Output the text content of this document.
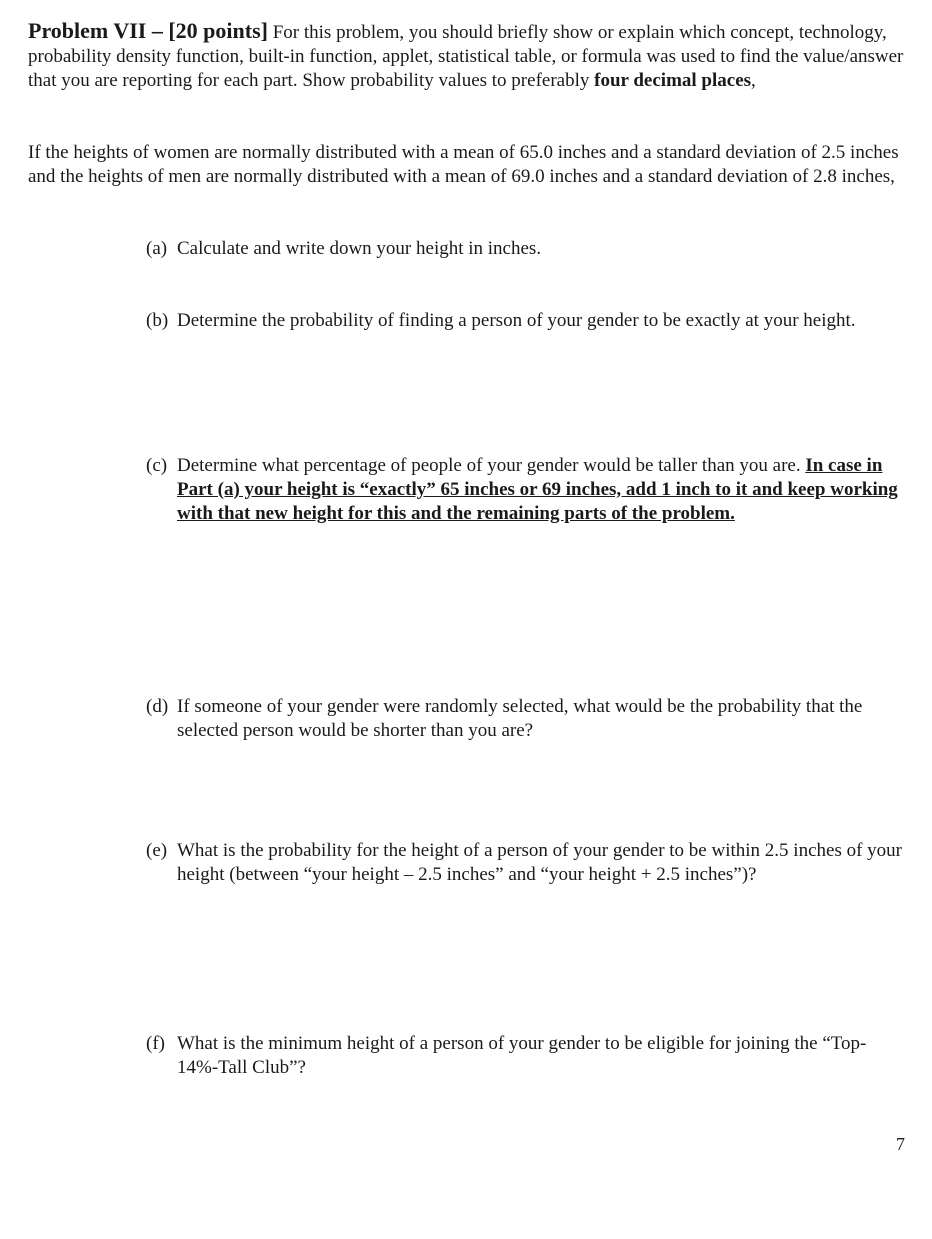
Problem VII – [20 points] For this problem, you should briefly show or explain which concept, technology, probability density function, built-in function, applet, statistical table, or formula was used to find the value/answer that you are reporting for each part. Show probability values to preferably four decimal places,

If the heights of women are normally distributed with a mean of 65.0 inches and a standard deviation of 2.5 inches and the heights of men are normally distributed with a mean of 69.0 inches and a standard deviation of 2.8 inches,

(a) Calculate and write down your height in inches.
(b) Determine the probability of finding a person of your gender to be exactly at your height.
(c) Determine what percentage of people of your gender would be taller than you are. In case in Part (a) your height is “exactly” 65 inches or 69 inches, add 1 inch to it and keep working with that new height for this and the remaining parts of the problem.
(d) If someone of your gender were randomly selected, what would be the probability that the selected person would be shorter than you are?
(e) What is the probability for the height of a person of your gender to be within 2.5 inches of your height (between “your height – 2.5 inches” and “your height + 2.5 inches”)?
(f) What is the minimum height of a person of your gender to be eligible for joining the “Top-14%-Tall Club”?
7
